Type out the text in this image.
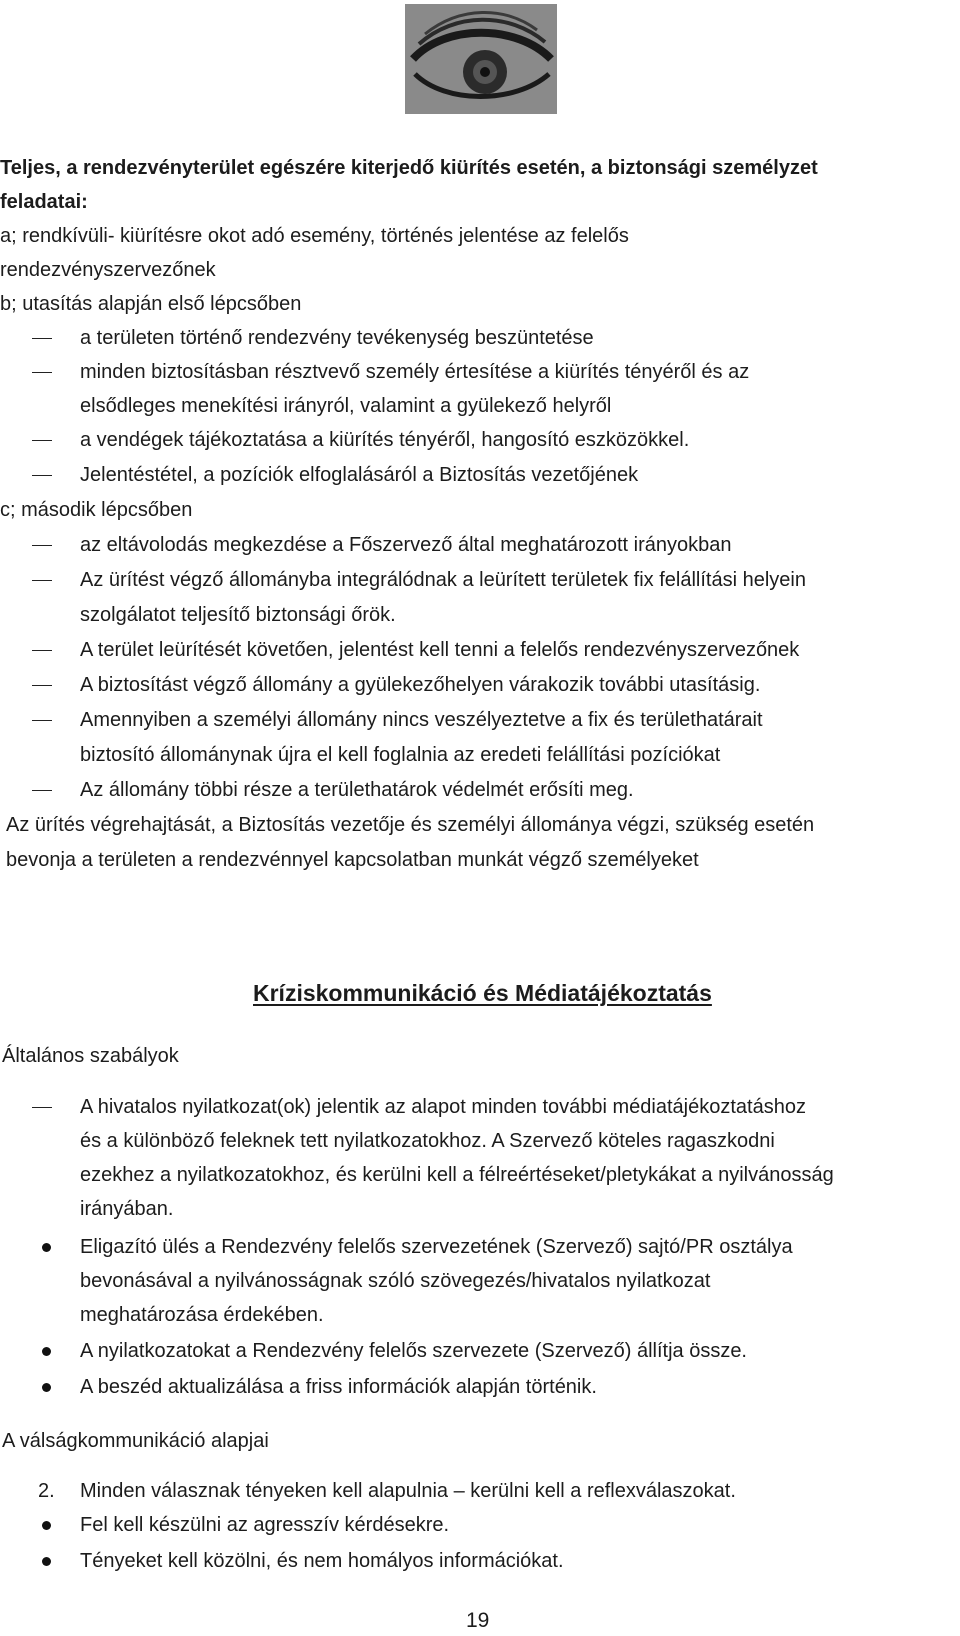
Teljes, a rendezvényterület egészére kiterjedő kiürítés esetén, a biztonsági személyzet
feladatai:
a; rendkívüli- kiürítésre okot adó esemény, történés jelentése az felelős
rendezvényszervezőnek
b; utasítás alapján első lépcsőben
a területen történő rendezvény tevékenység beszüntetése
minden biztosításban résztvevő személy értesítése a kiürítés tényéről és az
elsődleges menekítési irányról, valamint a gyülekező helyről
a vendégek tájékoztatása a kiürítés tényéről, hangosító eszközökkel.
Jelentéstétel, a pozíciók elfoglalásáról a Biztosítás vezetőjének
c; második lépcsőben
az eltávolodás megkezdése a Főszervező által meghatározott irányokban
Az ürítést végző állományba integrálódnak a leürített területek fix felállítási helyein
szolgálatot teljesítő biztonsági őrök.
A terület leürítését követően, jelentést kell tenni a felelős rendezvényszervezőnek
A biztosítást végző állomány a gyülekezőhelyen várakozik további utasításig.
Amennyiben a személyi állomány nincs veszélyeztetve a fix és területhatárait
biztosító állománynak újra el kell foglalnia az eredeti felállítási pozíciókat
Az állomány többi része a területhatárok védelmét erősíti meg.
Az ürítés végrehajtását, a Biztosítás vezetője és személyi állománya végzi, szükség esetén
bevonja a területen a rendezvénnyel kapcsolatban munkát végző személyeket
Kríziskommunikáció és Médiatájékoztatás
Általános szabályok
A hivatalos nyilatkozat(ok) jelentik az alapot minden további médiatájékoztatáshoz
és a különböző feleknek tett nyilatkozatokhoz. A Szervező köteles ragaszkodni
ezekhez a nyilatkozatokhoz, és kerülni kell a félreértéseket/pletykákat a nyilvánosság
irányában.
Eligazító ülés a Rendezvény felelős szervezetének (Szervező) sajtó/PR osztálya
bevonásával a nyilvánosságnak szóló szövegezés/hivatalos nyilatkozat
meghatározása érdekében.
A nyilatkozatokat a Rendezvény felelős szervezete (Szervező) állítja össze.
A beszéd aktualizálása a friss információk alapján történik.
A válságkommunikáció alapjai
2. Minden válasznak tényeken kell alapulnia – kerülni kell a reflexválaszokat.
Fel kell készülni az agresszív kérdésekre.
Tényeket kell közölni, és nem homályos információkat.
19
